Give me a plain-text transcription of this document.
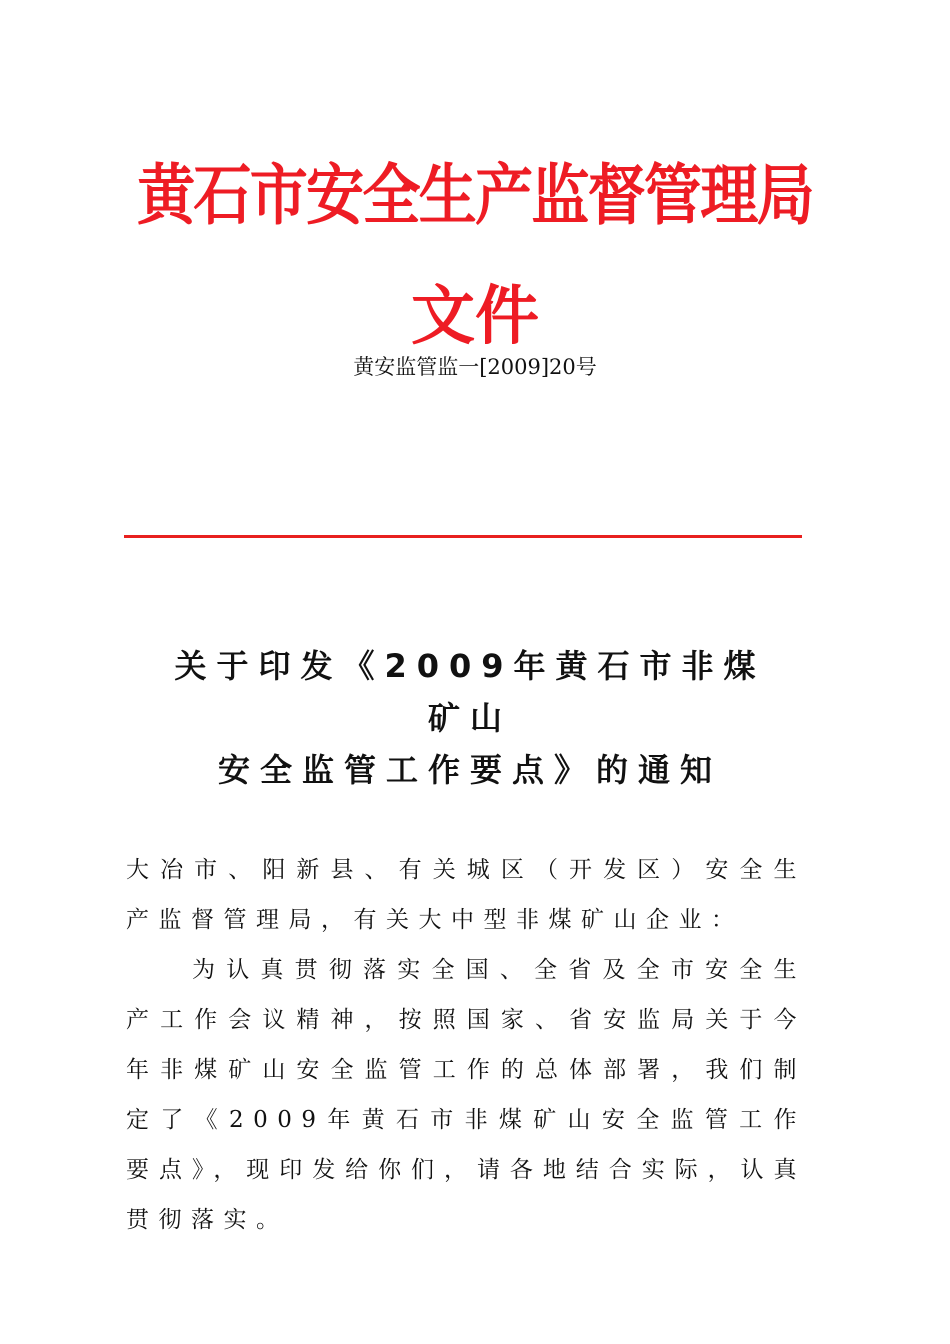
黄石市安全生产监督管理局
文件
黄安监管监一[2009]20号
关于印发《2009年黄石市非煤
矿山
安全监管工作要点》的通知

大冶市、阳新县、有关城区（开发区）安全生产监督管理局，有关大中型非煤矿山企业：

为认真贯彻落实全国、全省及全市安全生产工作会议精神，按照国家、省安监局关于今年非煤矿山安全监管工作的总体部署，我们制定了《2009年黄石市非煤矿山安全监管工作要点》，现印发给你们，请各地结合实际，认真贯彻落实。
